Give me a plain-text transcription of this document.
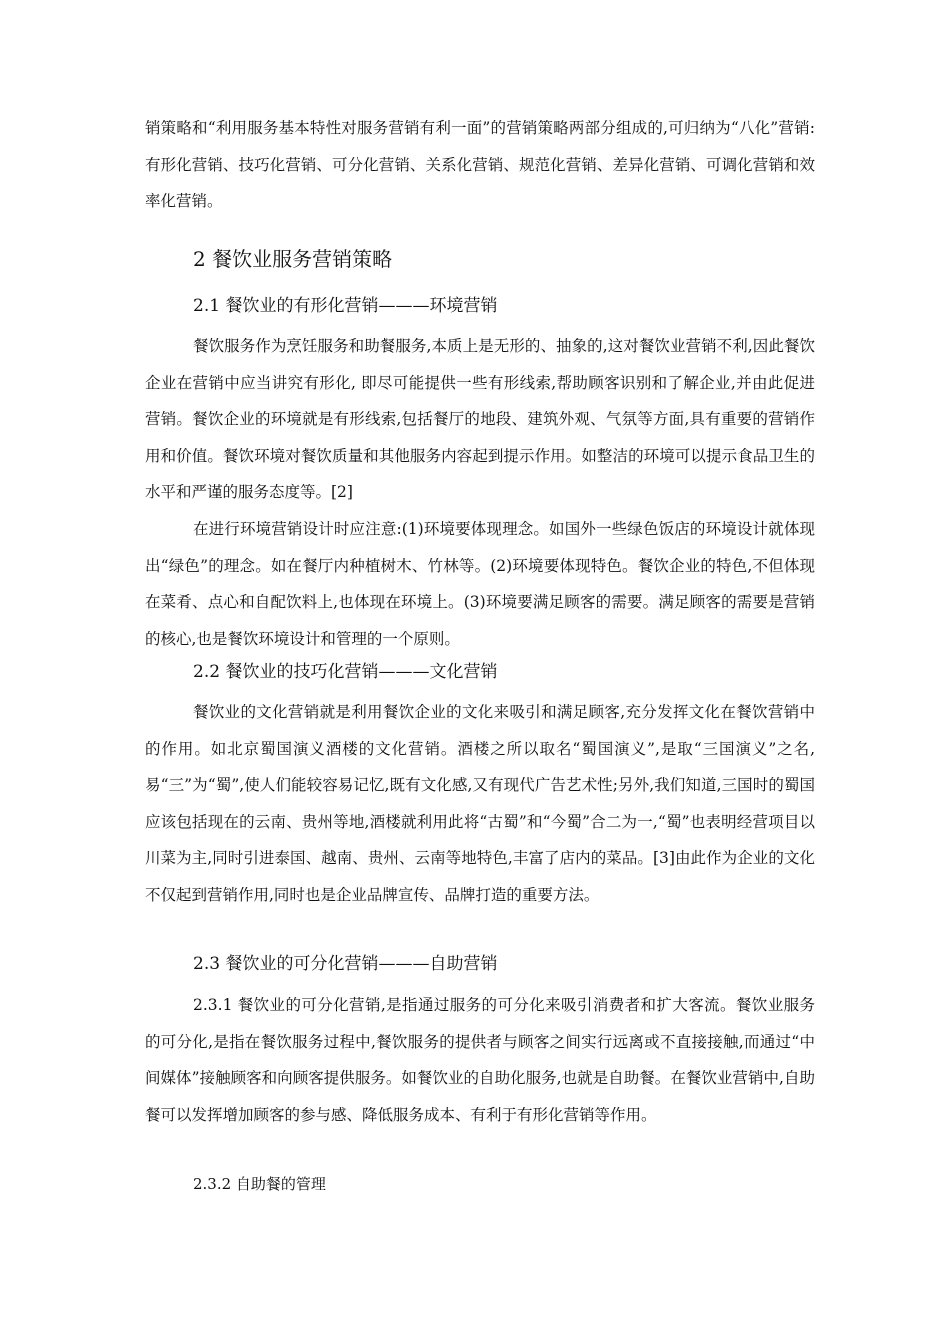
销策略和“利用服务基本特性对服务营销有利一面”的营销策略两部分组成的,可归纳为“八化”营销:有形化营销、技巧化营销、可分化营销、关系化营销、规范化营销、差异化营销、可调化营销和效率化营销。

2 餐饮业服务营销策略
2.1 餐饮业的有形化营销———环境营销

餐饮服务作为烹饪服务和助餐服务,本质上是无形的、抽象的,这对餐饮业营销不利,因此餐饮企业在营销中应当讲究有形化, 即尽可能提供一些有形线索,帮助顾客识别和了解企业,并由此促进营销。餐饮企业的环境就是有形线索,包括餐厅的地段、建筑外观、气氛等方面,具有重要的营销作用和价值。餐饮环境对餐饮质量和其他服务内容起到提示作用。如整洁的环境可以提示食品卫生的水平和严谨的服务态度等。[2]

在进行环境营销设计时应注意:(1)环境要体现理念。如国外一些绿色饭店的环境设计就体现出“绿色”的理念。如在餐厅内种植树木、竹林等。(2)环境要体现特色。餐饮企业的特色,不但体现在菜肴、点心和自配饮料上,也体现在环境上。(3)环境要满足顾客的需要。满足顾客的需要是营销的核心,也是餐饮环境设计和管理的一个原则。

2.2 餐饮业的技巧化营销———文化营销

餐饮业的文化营销就是利用餐饮企业的文化来吸引和满足顾客,充分发挥文化在餐饮营销中的作用。如北京蜀国演义酒楼的文化营销。酒楼之所以取名“蜀国演义”,是取“三国演义”之名,易“三”为“蜀”,使人们能较容易记忆,既有文化感,又有现代广告艺术性;另外,我们知道,三国时的蜀国应该包括现在的云南、贵州等地,酒楼就利用此将“古蜀”和“今蜀”合二为一,“蜀”也表明经营项目以川菜为主,同时引进泰国、越南、贵州、云南等地特色,丰富了店内的菜品。[3]由此作为企业的文化不仅起到营销作用,同时也是企业品牌宣传、品牌打造的重要方法。

2.3 餐饮业的可分化营销———自助营销

2.3.1 餐饮业的可分化营销,是指通过服务的可分化来吸引消费者和扩大客流。餐饮业服务的可分化,是指在餐饮服务过程中,餐饮服务的提供者与顾客之间实行远离或不直接接触,而通过“中间媒体”接触顾客和向顾客提供服务。如餐饮业的自助化服务,也就是自助餐。在餐饮业营销中,自助餐可以发挥增加顾客的参与感、降低服务成本、有利于有形化营销等作用。

2.3.2 自助餐的管理
